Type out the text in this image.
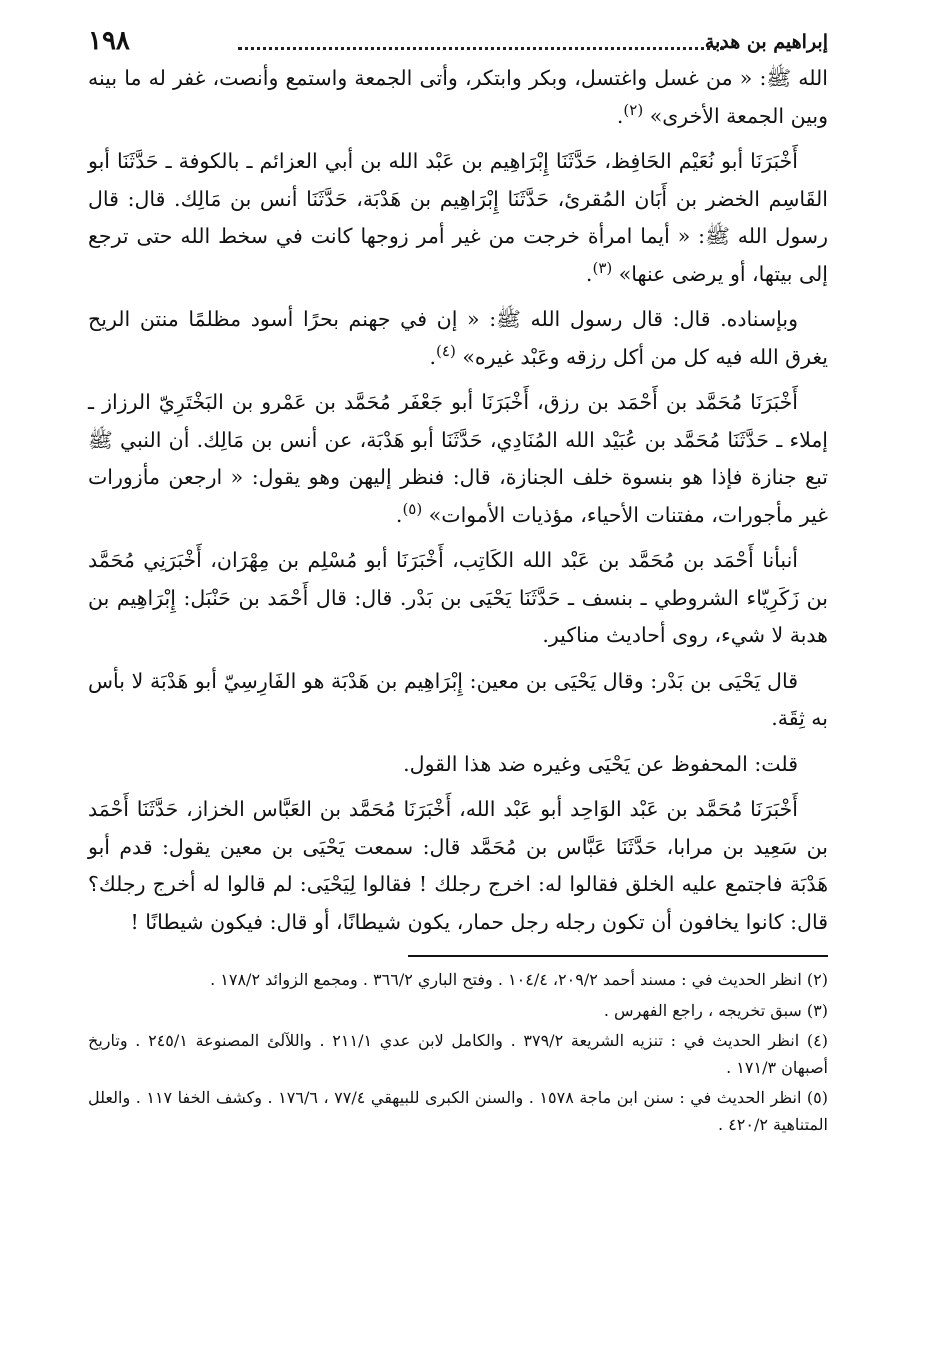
إبراهيم بن هدبة
١٩٨

الله ﷺ: « من غسل واغتسل، وبكر وابتكر، وأتى الجمعة واستمع وأنصت، غفر له ما بينه وبين الجمعة الأخرى» $^{(٢)}$.

أَخْبَرَنَا أبو نُعَيْم الحَافِظ، حَدَّثَنَا إِبْرَاهِيم بن عَبْد الله بن أبي العزائم ـ بالكوفة ـ حَدَّثَنَا أبو القَاسِم الخضر بن أَبَان المُقرئ، حَدَّثَنَا إِبْرَاهِيم بن هَدْبَة، حَدَّثَنَا أنس بن مَالِك. قال: قال رسول الله ﷺ: « أيما امرأة خرجت من غير أمر زوجها كانت في سخط الله حتى ترجع إلى بيتها، أو يرضى عنها» $^{(٣)}$.

وبإسناده. قال: قال رسول الله ﷺ: « إن في جهنم بحرًا أسود مظلمًا منتن الريح يغرق الله فيه كل من أكل رزقه وعَبْد غيره» $^{(٤)}$.

أَخْبَرَنَا مُحَمَّد بن أَحْمَد بن رزق، أَخْبَرَنَا أبو جَعْفَر مُحَمَّد بن عَمْرو بن البَخْتَرِيّ الرزاز ـ إملاء ـ حَدَّثَنَا مُحَمَّد بن عُبَيْد الله المُنَادِي، حَدَّثَنَا أبو هَدْبَة، عن أنس بن مَالِك. أن النبي ﷺ تبع جنازة فإذا هو بنسوة خلف الجنازة، قال: فنظر إليهن وهو يقول: « ارجعن مأزورات غير مأجورات، مفتنات الأحياء، مؤذيات الأموات» $^{(٥)}$.

أنبأنا أَحْمَد بن مُحَمَّد بن عَبْد الله الكَاتِب، أَخْبَرَنَا أبو مُسْلِم بن مِهْرَان، أَخْبَرَنِي مُحَمَّد بن زَكَرِيّاء الشروطي ـ بنسف ـ حَدَّثَنَا يَحْيَى بن بَدْر. قال: قال أَحْمَد بن حَنْبَل: إِبْرَاهِيم بن هدبة لا شيء، روى أحاديث مناكير.

قال يَحْيَى بن بَدْر: وقال يَحْيَى بن معين: إِبْرَاهِيم بن هَدْبَة هو الفَارِسِيّ أبو هَدْبَة لا بأس به ثِقَة.

قلت: المحفوظ عن يَحْيَى وغيره ضد هذا القول.

أَخْبَرَنَا مُحَمَّد بن عَبْد الوَاحِد أبو عَبْد الله، أَخْبَرَنَا مُحَمَّد بن العَبَّاس الخزاز، حَدَّثَنَا أَحْمَد بن سَعِيد بن مرابا، حَدَّثَنَا عَبَّاس بن مُحَمَّد قال: سمعت يَحْيَى بن معين يقول: قدم أبو هَدْبَة فاجتمع عليه الخلق فقالوا له: اخرج رجلك ! فقالوا لِيَحْيَى: لم قالوا له أخرج رجلك؟ قال: كانوا يخافون أن تكون رجله رجل حمار، يكون شيطانًا، أو قال: فيكون شيطانًا !

(٢) انظر الحديث في : مسند أحمد ٢٠٩/٢، ١٠٤/٤ . وفتح الباري ٣٦٦/٢ . ومجمع الزوائد ١٧٨/٢ .

(٣) سبق تخريجه ، راجع الفهرس .

(٤) انظر الحديث في : تنزيه الشريعة ٣٧٩/٢ . والكامل لابن عدي ٢١١/١ . واللآلئ المصنوعة ٢٤٥/١ . وتاريخ أصبهان ١٧١/٣ .

(٥) انظر الحديث في : سنن ابن ماجة ١٥٧٨ . والسنن الكبرى للبيهقي ٧٧/٤ ، ١٧٦/٦ . وكشف الخفا ١١٧ . والعلل المتناهية ٤٢٠/٢ .
